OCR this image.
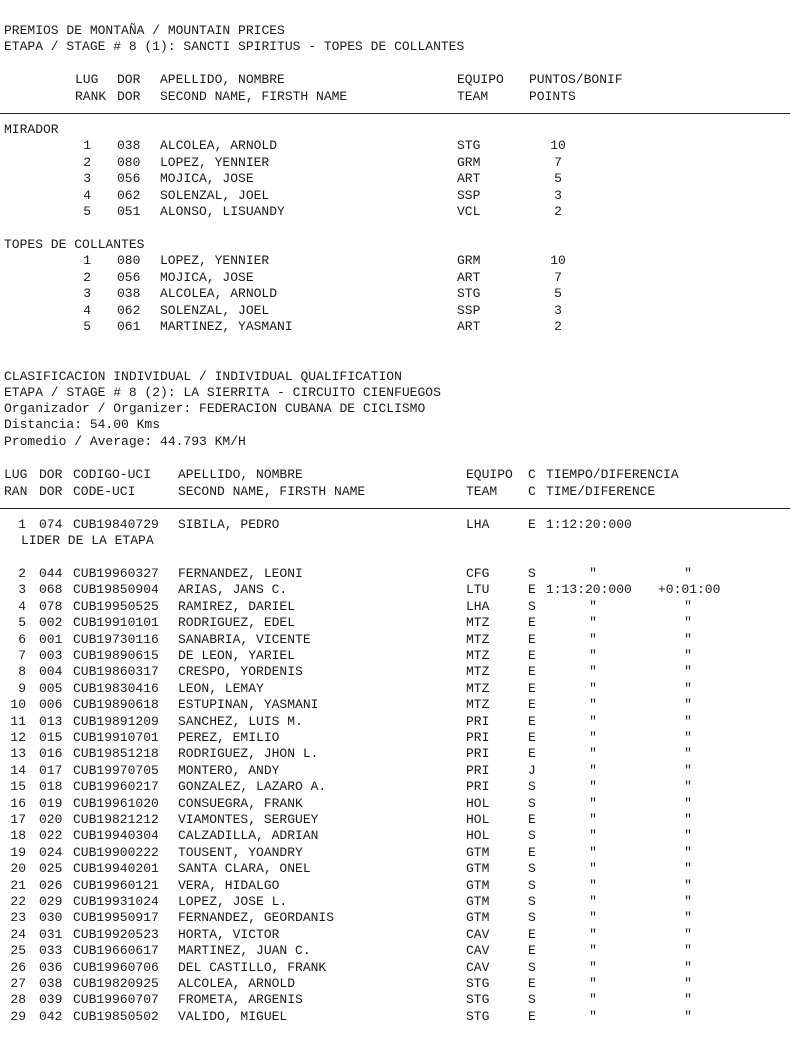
PREMIOS DE MONTAÑA / MOUNTAIN PRICES
ETAPA / STAGE # 8 (1): SANCTI SPIRITUS - TOPES DE COLLANTES
LUG DOR APELLIDO, NOMBRE	EQUIPO PUNTOS/BONIF
RANK DOR SECOND NAME, FIRSTH NAME	TEAM	POINTS
MIRADOR
1 038 ALCOLEA, ARNOLD	STG	10
2 080 LOPEZ, YENNIER	GRM	7
3 056 MOJICA, JOSE	ART	5
4 062 SOLENZAL, JOEL	SSP	3
5 051 ALONSO, LISUANDY	VCL	2
TOPES DE COLLANTES
1 080 LOPEZ, YENNIER	GRM	10
2 056 MOJICA, JOSE	ART	7
3 038 ALCOLEA, ARNOLD	STG	5
4 062 SOLENZAL, JOEL	SSP	3
5 061 MARTINEZ, YASMANI	ART	2
CLASIFICACION INDIVIDUAL / INDIVIDUAL QUALIFICATION
ETAPA / STAGE # 8 (2): LA SIERRITA - CIRCUITO CIENFUEGOS
Organizador / Organizer: FEDERACION CUBANA DE CICLISMO
Distancia: 54.00 Kms
Promedio / Average: 44.793 KM/H
LUG DOR CODIGO-UCI APELLIDO, NOMBRE	EQUIPO C TIEMPO/DIFERENCIA
RAN DOR CODE-UCI	SECOND NAME, FIRSTH NAME	TEAM C TIME/DIFERENCE
1 074 CUB19840729 SIBILA, PEDRO	LHA	E 1:12:20:000
LIDER DE LA ETAPA
2 044 CUB19960327 FERNANDEZ, LEONI	CFG	S	"	"
3 068 CUB19850904 ARIAS, JANS C.	LTU	E 1:13:20:000 +0:01:00
4 078 CUB19950525 RAMIREZ, DARIEL	LHA	S	"	"
5 002 CUB19910101 RODRIGUEZ, EDEL	MTZ	E	"	"
6 001 CUB19730116 SANABRIA, VICENTE	MTZ	E	"	"
7 003 CUB19890615 DE LEON, YARIEL	MTZ	E	"	"
8 004 CUB19860317 CRESPO, YORDENIS	MTZ	E	"	"
9 005 CUB19830416 LEON, LEMAY	MTZ	E	"	"
10 006 CUB19890618 ESTUPINAN, YASMANI	MTZ	E	"	"
11 013 CUB19891209 SANCHEZ, LUIS M.	PRI	E	"	"
12 015 CUB19910701 PEREZ, EMILIO	PRI	E	"	"
13 016 CUB19851218 RODRIGUEZ, JHON L.	PRI	E	"	"
14 017 CUB19970705 MONTERO, ANDY	PRI	J	"	"
15 018 CUB19960217 GONZALEZ, LAZARO A.	PRI	S	"	"
16 019 CUB19961020 CONSUEGRA, FRANK	HOL	S	"	"
17 020 CUB19821212 VIAMONTES, SERGUEY	HOL	E	"	"
18 022 CUB19940304 CALZADILLA, ADRIAN	HOL	S	"	"
19 024 CUB19900222 TOUSENT, YOANDRY	GTM	E	"	"
20 025 CUB19940201 SANTA CLARA, ONEL	GTM	S	"	"
21 026 CUB19960121 VERA, HIDALGO	GTM	S	"	"
22 029 CUB19931024 LOPEZ, JOSE L.	GTM	S	"	"
23 030 CUB19950917 FERNANDEZ, GEORDANIS	GTM	S	"	"
24 031 CUB19920523 HORTA, VICTOR	CAV	E	"	"
25 033 CUB19660617 MARTINEZ, JUAN C.	CAV	E	"	"
26 036 CUB19960706 DEL CASTILLO, FRANK	CAV	S	"	"
27 038 CUB19820925 ALCOLEA, ARNOLD	STG	E	"	"
28 039 CUB19960707 FROMETA, ARGENIS	STG	S	"	"
29 042 CUB19850502 VALIDO, MIGUEL	STG	E	"	"
